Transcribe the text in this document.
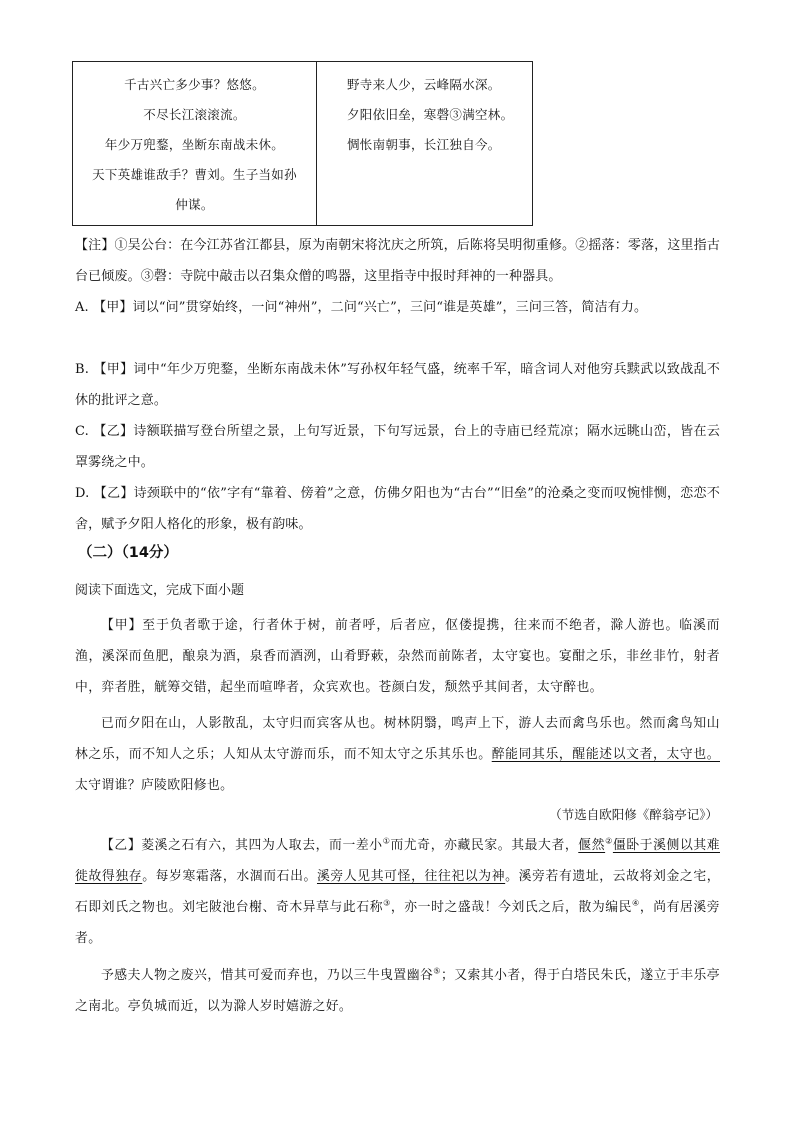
千古兴亡多少事？悠悠。
不尽长江滚滚流。
年少万兜鍪，坐断东南战未休。
天下英雄谁敌手？曹刘。生子当如孙
仲谋。
野寺来人少，云峰隔水深。
夕阳依旧垒，寒磬③满空林。
惆怅南朝事，长江独自今。
【注】①吴公台：在今江苏省江都县，原为南朝宋将沈庆之所筑，后陈将吴明彻重修。②摇落：零落，这里指古台已倾废。③磬：寺院中敲击以召集众僧的鸣器，这里指寺中报时拜神的一种器具。
A. 【甲】词以“问”贯穿始终，一问“神州”，二问“兴亡”，三问“谁是英雄”，三问三答，简洁有力。
B. 【甲】词中“年少万兜鍪，坐断东南战未休”写孙权年轻气盛，统率千军，暗含词人对他穷兵黩武以致战乱不休的批评之意。
C. 【乙】诗额联描写登台所望之景，上句写近景，下句写远景，台上的寺庙已经荒凉；隔水远眺山峦，皆在云罩雾绕之中。
D. 【乙】诗颈联中的“依”字有“靠着、傍着”之意，仿佛夕阳也为“古台”“旧垒”的沧桑之变而叹惋悱恻，恋恋不舍，赋予夕阳人格化的形象，极有韵味。
（二）（14分）
阅读下面选文，完成下面小题
【甲】至于负者歌于途，行者休于树，前者呼，后者应，伛偻提携，往来而不绝者，滁人游也。临溪而渔，溪深而鱼肥，酿泉为酒，泉香而酒洌，山肴野蔌，杂然而前陈者，太守宴也。宴酣之乐，非丝非竹，射者中，弈者胜，觥筹交错，起坐而喧哗者，众宾欢也。苍颜白发，颓然乎其间者，太守醉也。
已而夕阳在山，人影散乱，太守归而宾客从也。树林阴翳，鸣声上下，游人去而禽鸟乐也。然而禽鸟知山林之乐，而不知人之乐；人知从太守游而乐，而不知太守之乐其乐也。醉能同其乐，醒能述以文者，太守也。太守谓谁？庐陵欧阳修也。
（节选自欧阳修《醉翁亭记》）
【乙】菱溪之石有六，其四为人取去，而一差小①而尤奇，亦藏民家。其最大者，偃然②僵卧于溪侧以其难徙故得独存。每岁寒霜落，水涸而石出。溪旁人见其可怪，往往祀以为神。溪旁若有遗址，云故将刘金之宅，石即刘氏之物也。刘宅陂池台榭、奇木异草与此石称③，亦一时之盛哉！今刘氏之后，散为编民④，尚有居溪旁者。
予感夫人物之废兴，惜其可爱而弃也，乃以三牛曳置幽谷⑤；又索其小者，得于白塔民朱氏，遂立于丰乐亭之南北。亭负城而近，以为滁人岁时嬉游之好。
